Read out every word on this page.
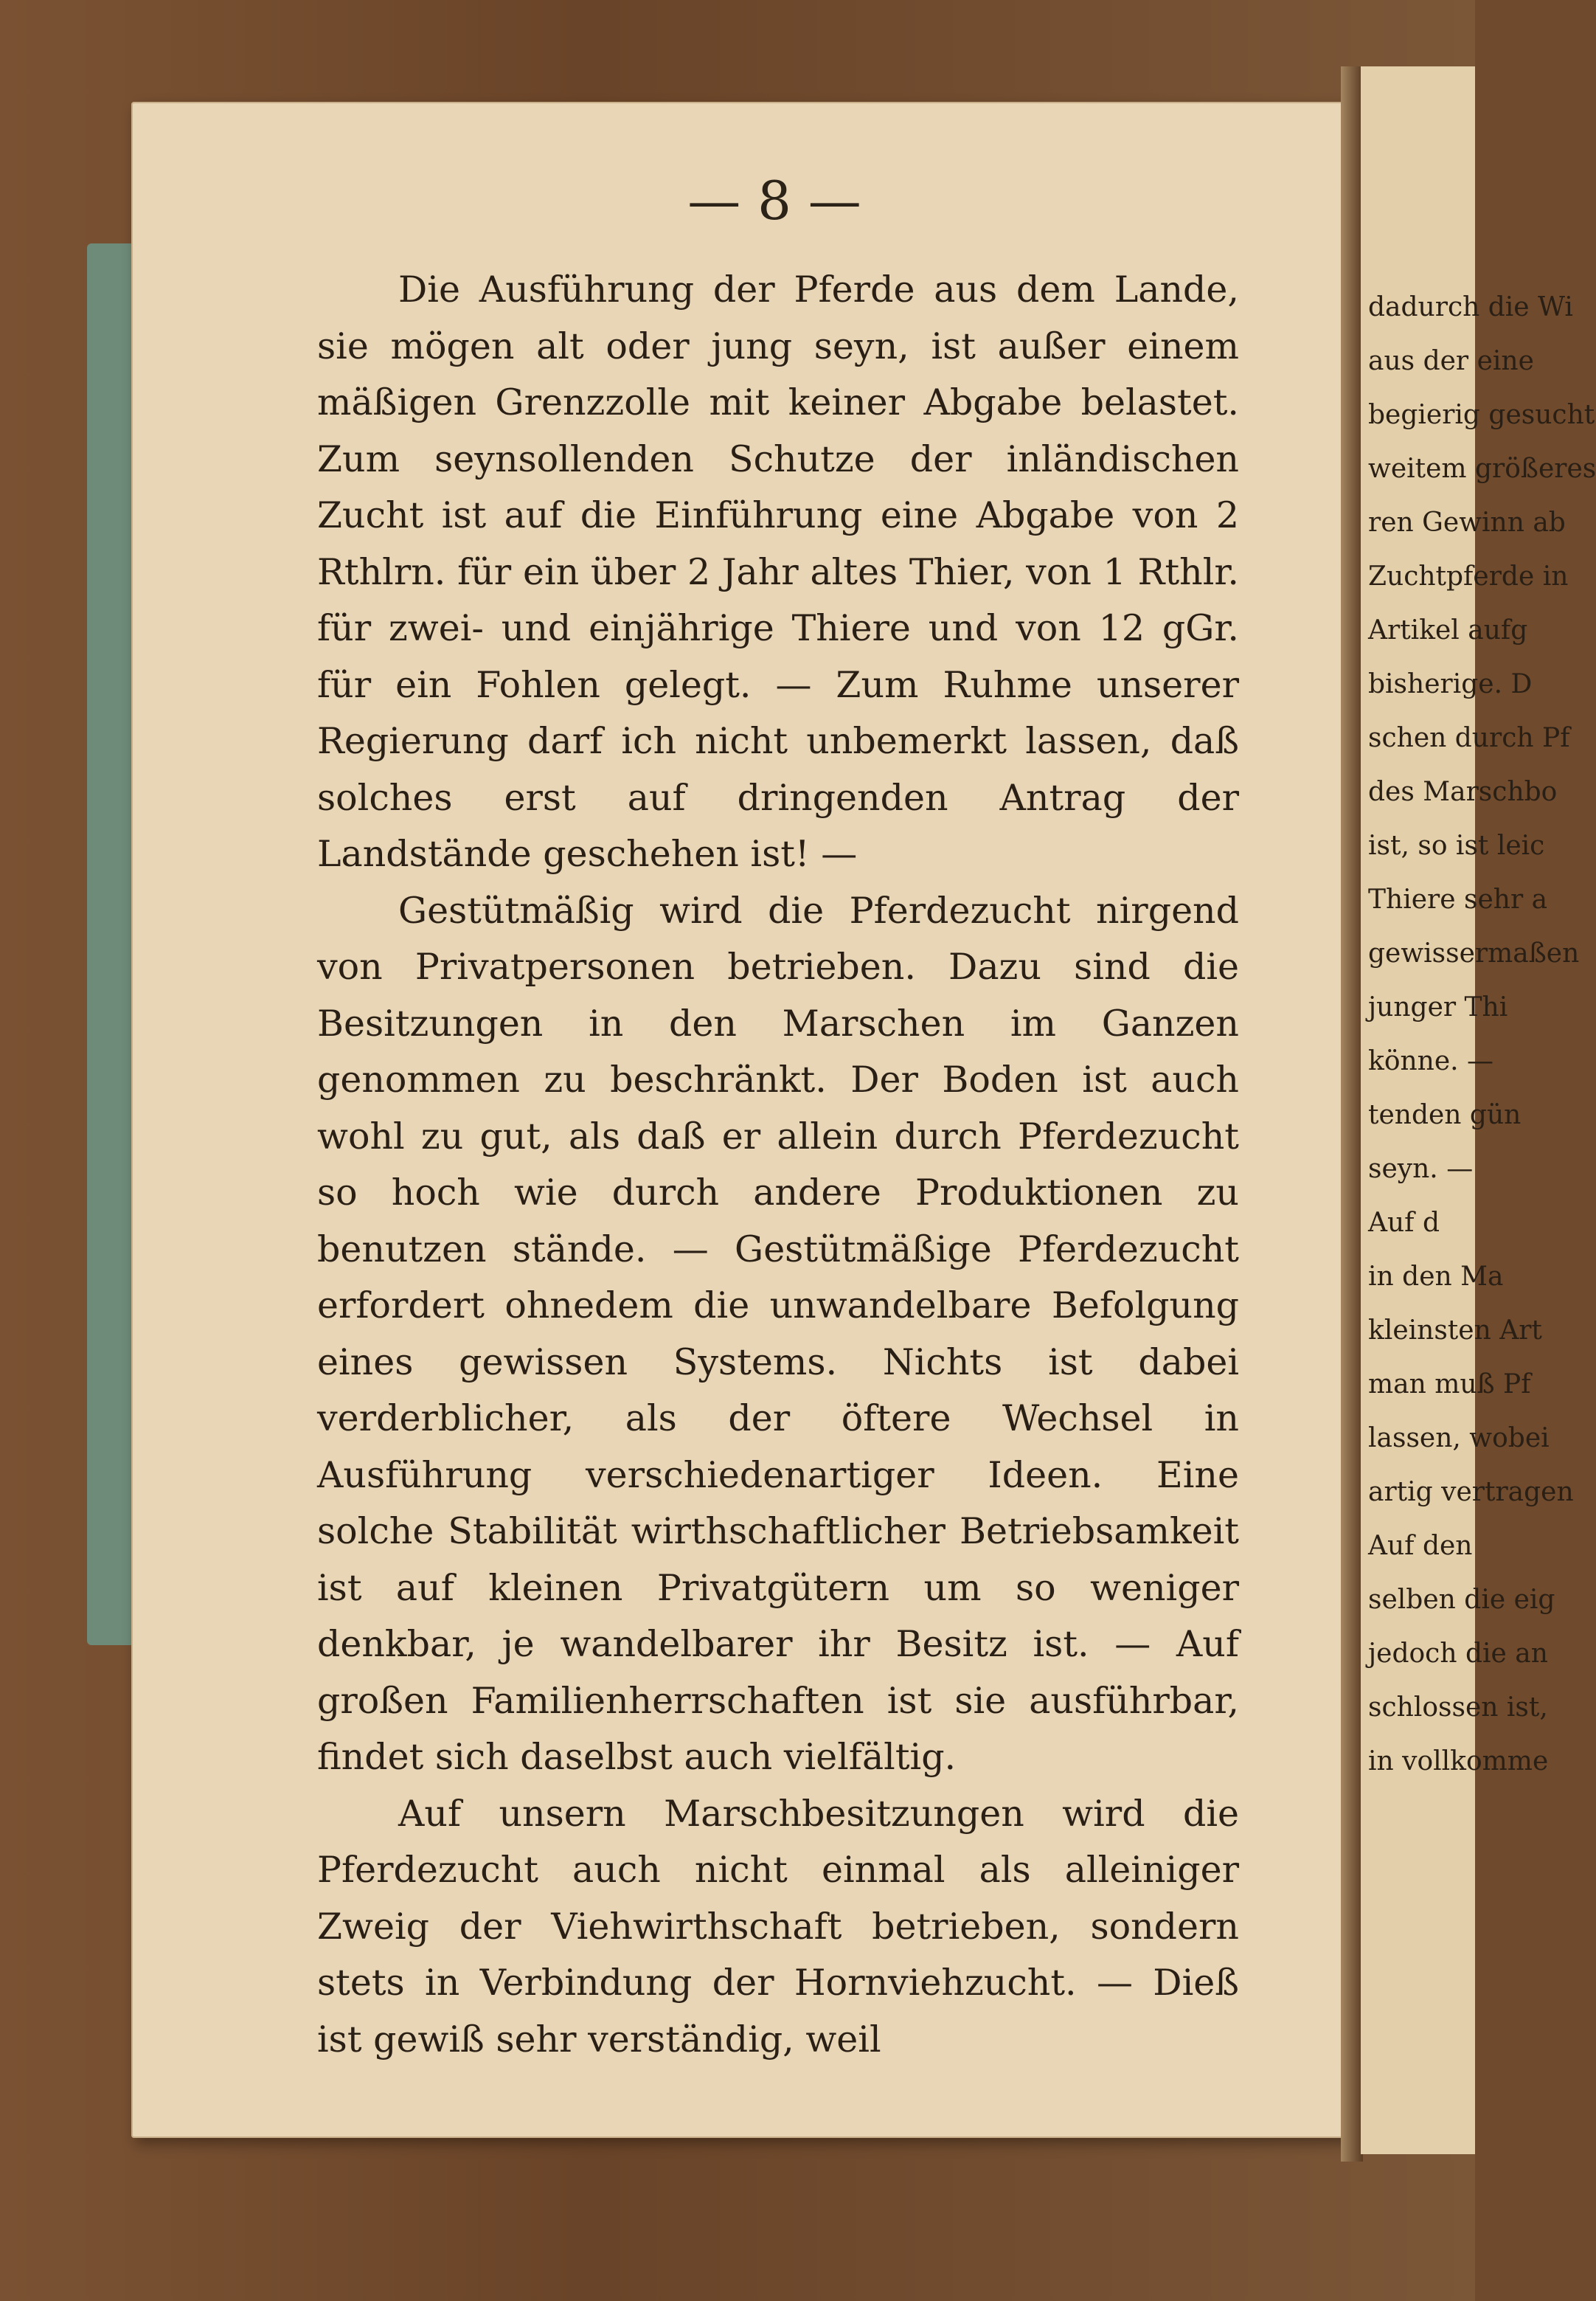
— 8 —

Die Ausführung der Pferde aus dem Lande, sie mögen alt oder jung seyn, ist außer einem mäßigen Grenzzolle mit keiner Abgabe belastet. Zum seynsollenden Schutze der inländischen Zucht ist auf die Einführung eine Abgabe von 2 Rthlrn. für ein über 2 Jahr altes Thier, von 1 Rthlr. für zwei- und einjährige Thiere und von 12 gGr. für ein Fohlen gelegt. — Zum Ruhme unserer Regierung darf ich nicht unbemerkt lassen, daß solches erst auf dringenden Antrag der Landstände geschehen ist! —

Gestütmäßig wird die Pferdezucht nirgend von Privatpersonen betrieben. Dazu sind die Besitzungen in den Marschen im Ganzen genommen zu beschränkt. Der Boden ist auch wohl zu gut, als daß er allein durch Pferdezucht so hoch wie durch andere Produktionen zu benutzen stände. — Gestütmäßige Pferdezucht erfordert ohnedem die unwandelbare Befolgung eines gewissen Systems. Nichts ist dabei verderblicher, als der öftere Wechsel in Ausführung verschiedenartiger Ideen. Eine solche Stabilität wirthschaftlicher Betriebsamkeit ist auf kleinen Privatgütern um so weniger denkbar, je wandelbarer ihr Besitz ist. — Auf großen Familienherrschaften ist sie ausführbar, findet sich daselbst auch vielfältig.

Auf unsern Marschbesitzungen wird die Pferdezucht auch nicht einmal als alleiniger Zweig der Viehwirthschaft betrieben, sondern stets in Verbindung der Hornviehzucht. — Dieß ist gewiß sehr verständig, weil

dadurch die Wi
aus der eine
begierig gesucht
weitem größeres
ren Gewinn ab
Zuchtpferde in
Artikel aufg
bisherige. D
schen durch Pf
des Marschbo
ist, so ist leic
Thiere sehr a
gewissermaßen
junger Thi
könne. —
tenden gün
seyn. —
Auf d
in den Ma
kleinsten Art
man muß Pf
lassen, wobei
artig vertragen
Auf den
selben die eig
jedoch die an
schlossen ist,
in vollkomme
